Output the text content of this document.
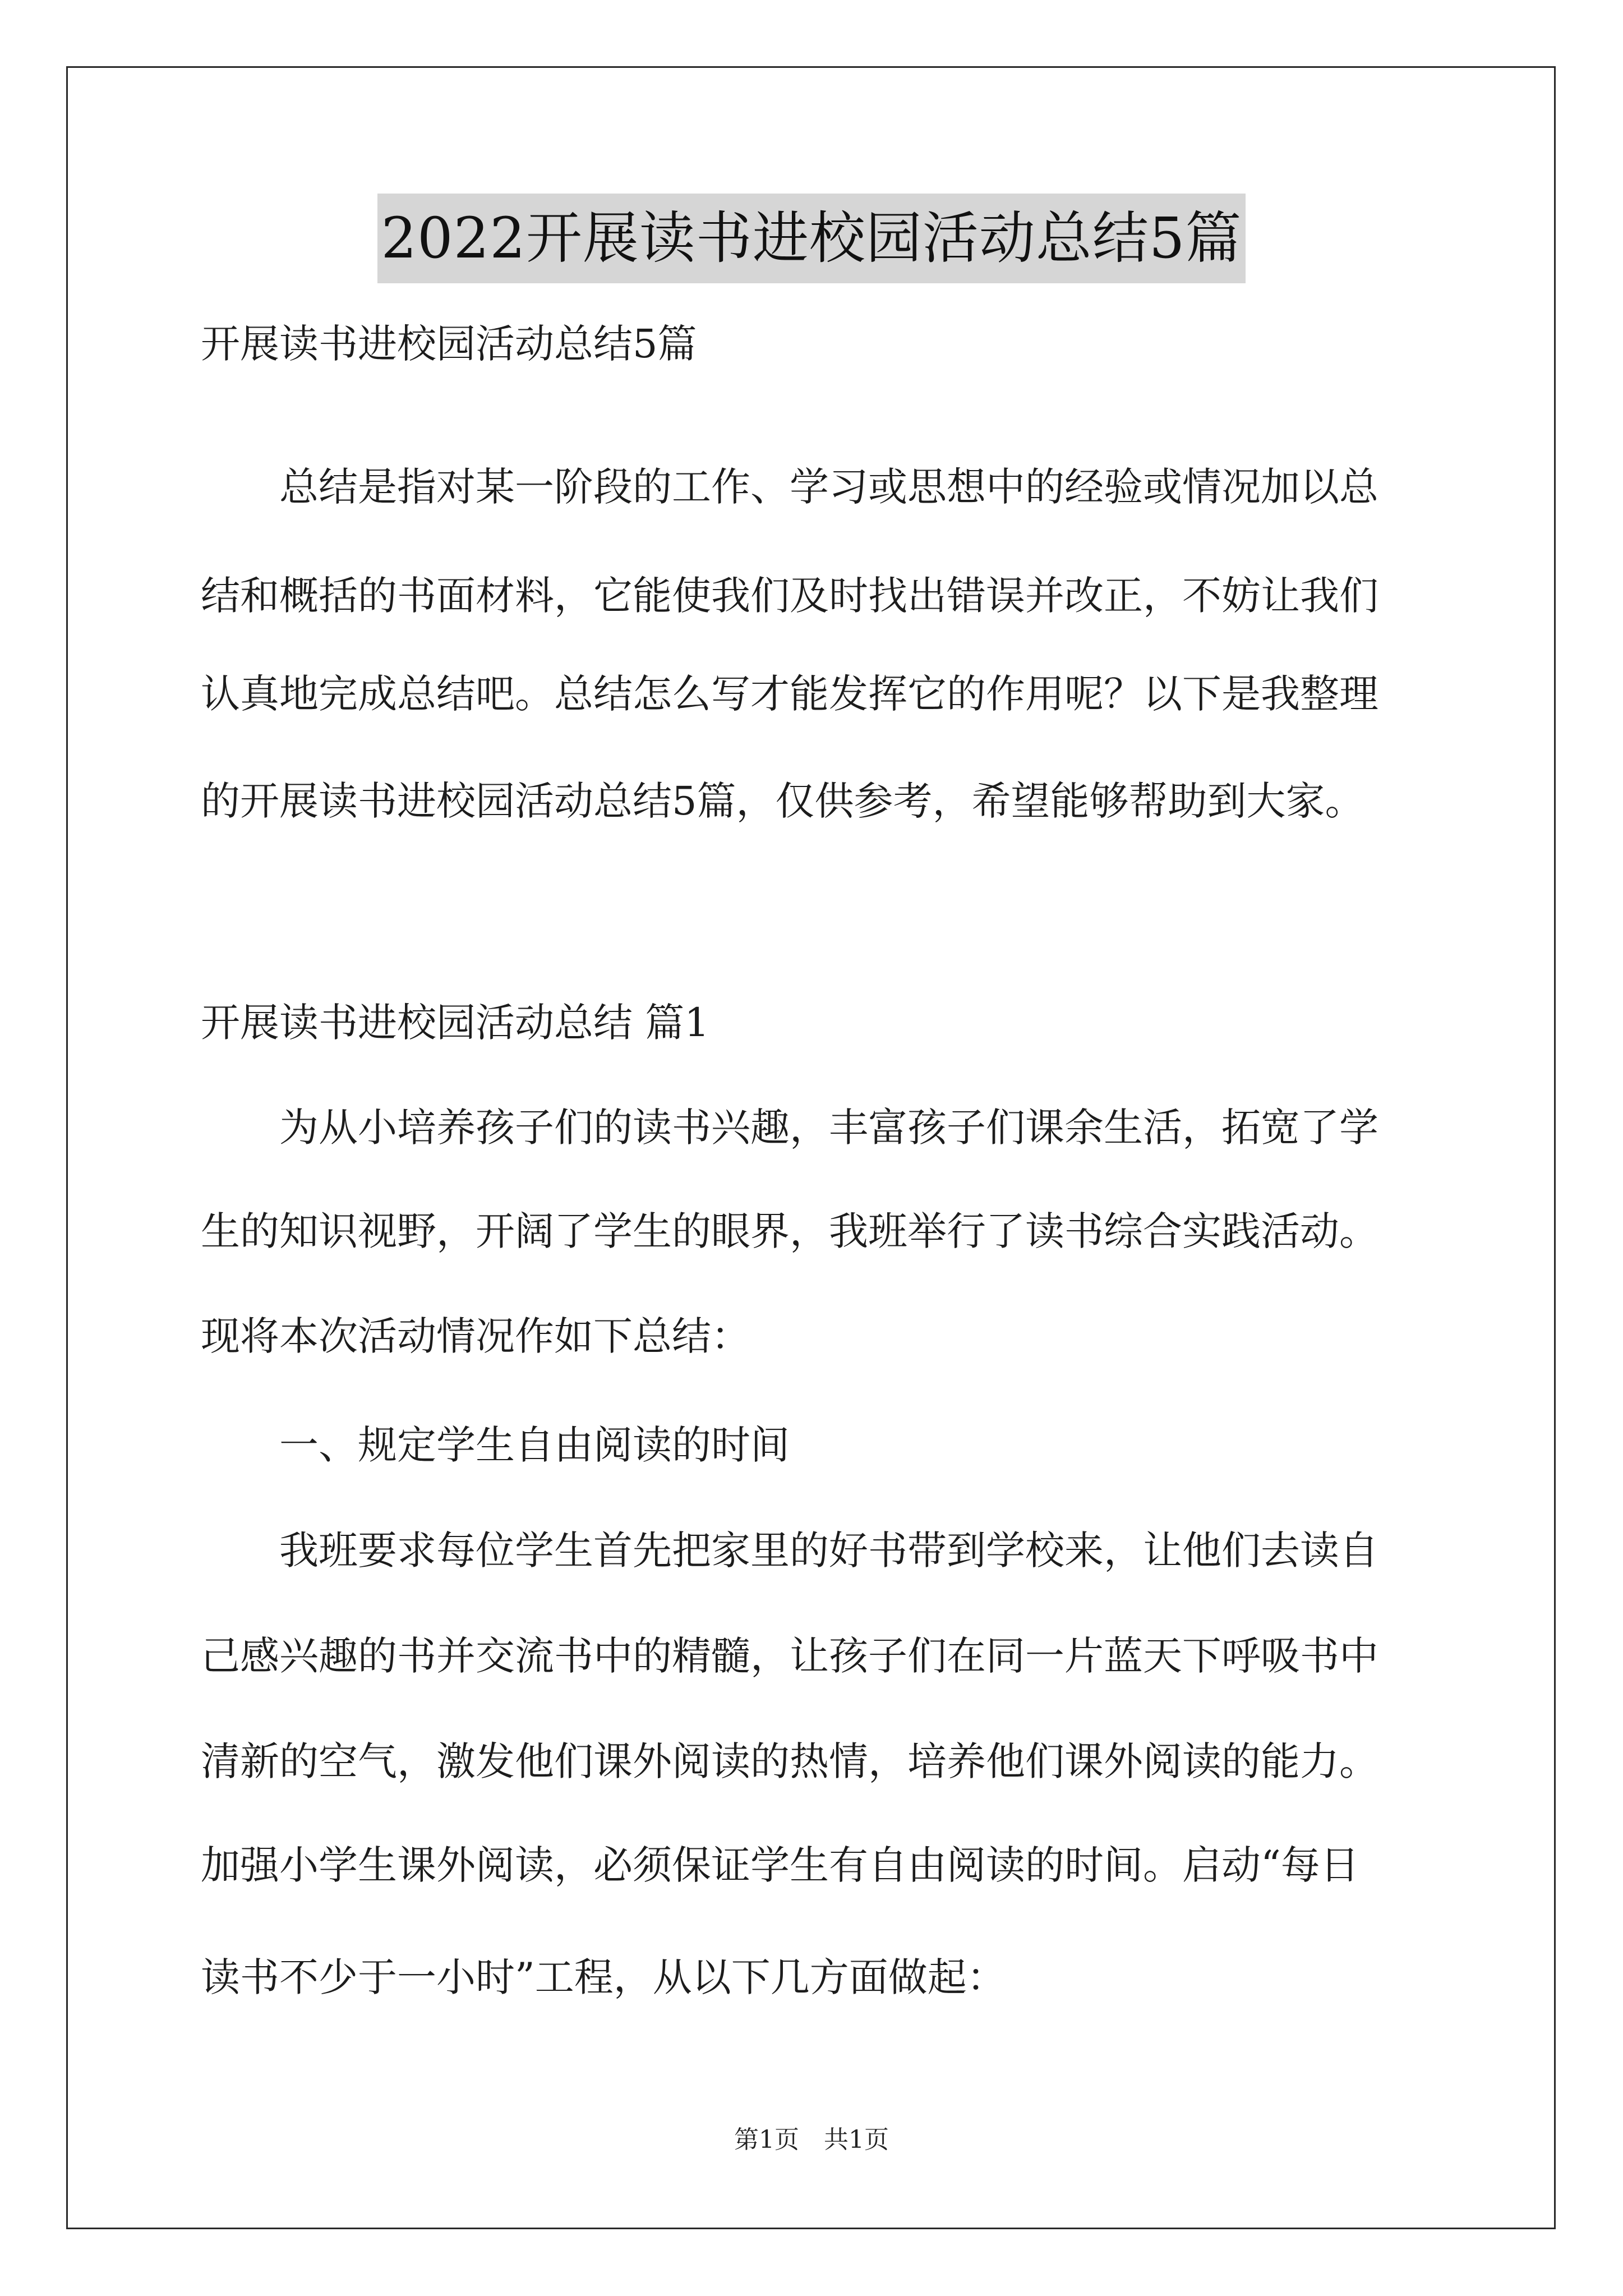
2022开展读书进校园活动总结5篇
开展读书进校园活动总结5篇
　　总结是指对某一阶段的工作、学习或思想中的经验或情况加以总
结和概括的书面材料，它能使我们及时找出错误并改正，不妨让我们
认真地完成总结吧。总结怎么写才能发挥它的作用呢？以下是我整理
的开展读书进校园活动总结5篇，仅供参考，希望能够帮助到大家。
开展读书进校园活动总结 篇1
　　为从小培养孩子们的读书兴趣，丰富孩子们课余生活，拓宽了学
生的知识视野，开阔了学生的眼界，我班举行了读书综合实践活动。
现将本次活动情况作如下总结：
　　一、规定学生自由阅读的时间
　　我班要求每位学生首先把家里的好书带到学校来，让他们去读自
己感兴趣的书并交流书中的精髓，让孩子们在同一片蓝天下呼吸书中
清新的空气，激发他们课外阅读的热情，培养他们课外阅读的能力。
加强小学生课外阅读，必须保证学生有自由阅读的时间。启动“每日
读书不少于一小时”工程，从以下几方面做起：
第1页　共1页
